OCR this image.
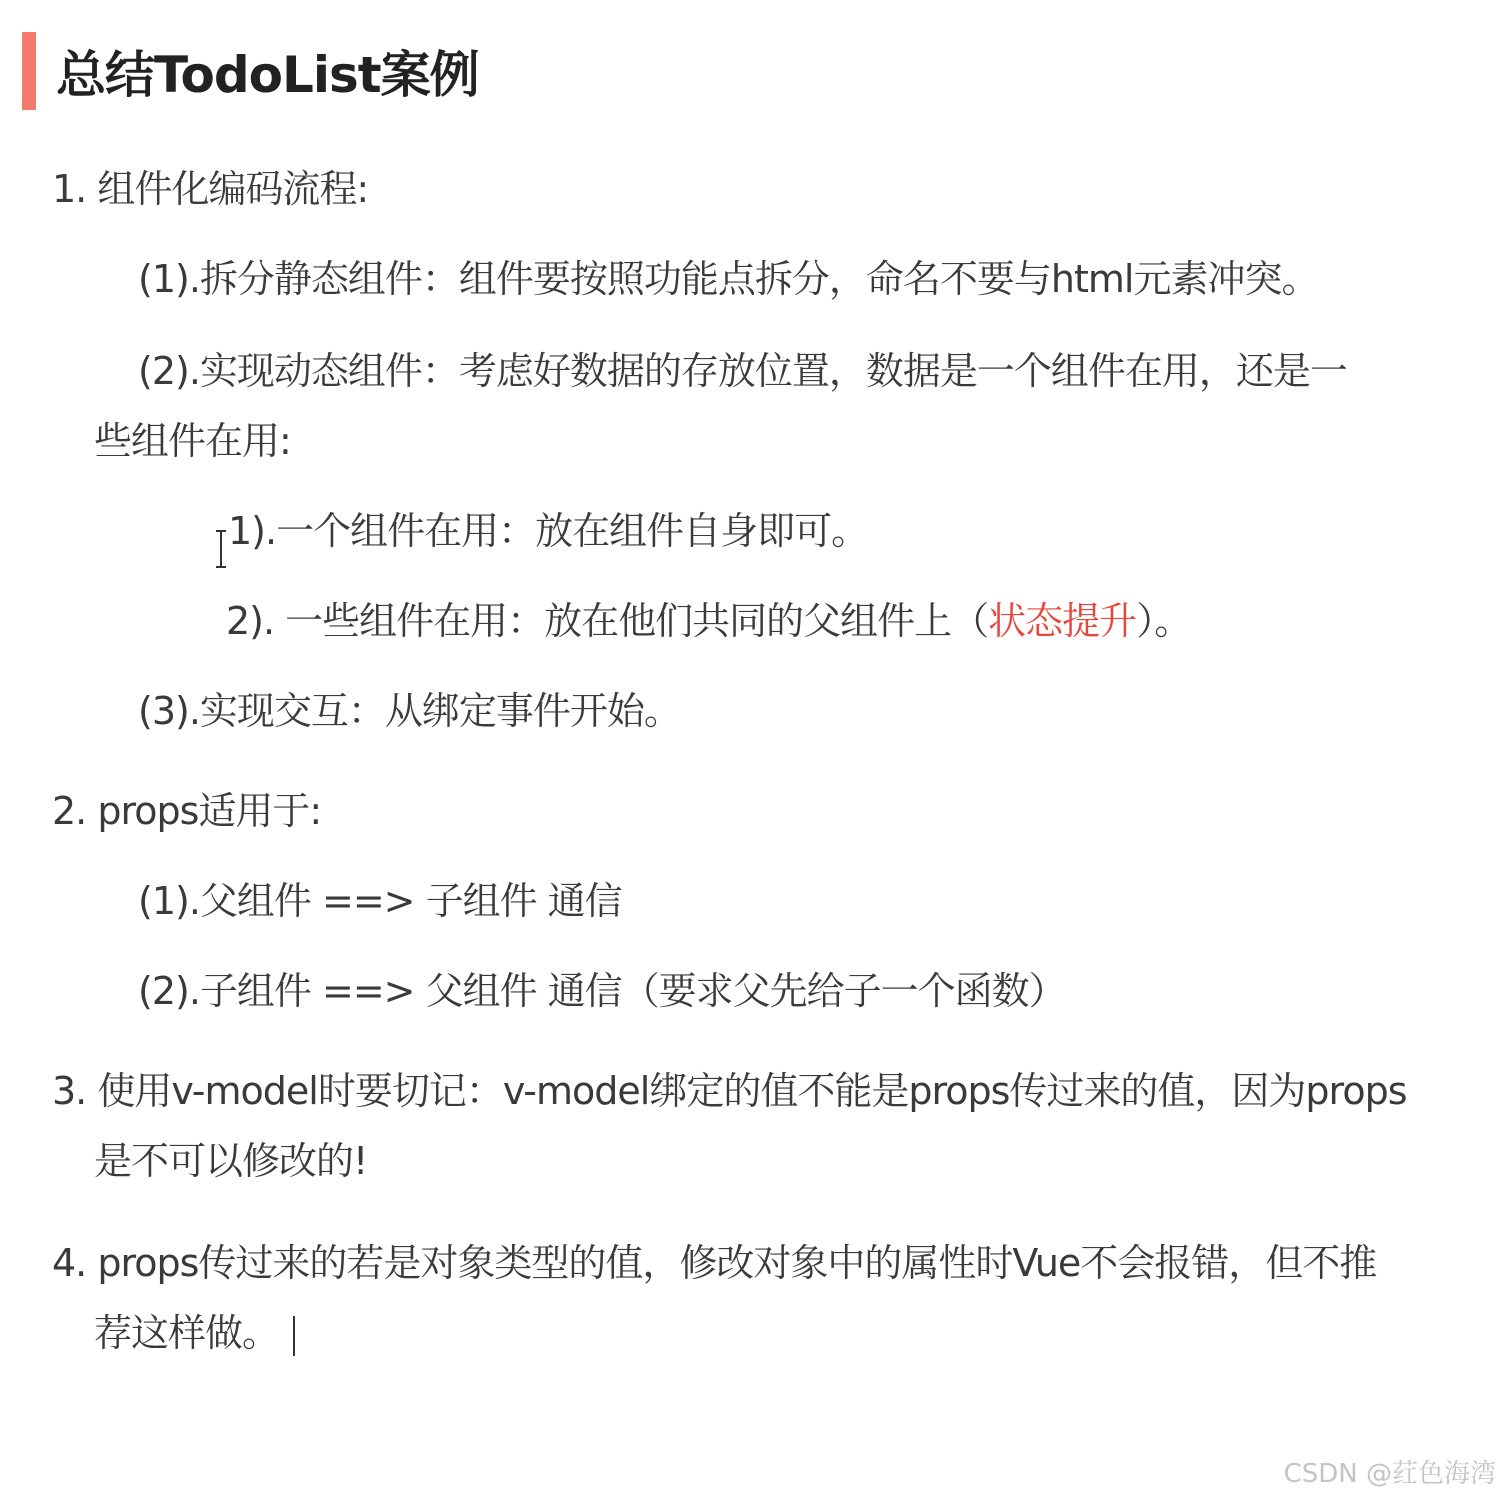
总结TodoList案例
1. 组件化编码流程:
(1).拆分静态组件：组件要按照功能点拆分，命名不要与html元素冲突。
(2).实现动态组件：考虑好数据的存放位置，数据是一个组件在用，还是一
些组件在用:
1).一个组件在用：放在组件自身即可。
2). 一些组件在用：放在他们共同的父组件上（状态提升）。
(3).实现交互：从绑定事件开始。
2. props适用于:
(1).父组件 ==> 子组件 通信
(2).子组件 ==> 父组件 通信（要求父先给子一个函数）
3. 使用v-model时要切记：v-model绑定的值不能是props传过来的值，因为props
是不可以修改的!
4. props传过来的若是对象类型的值，修改对象中的属性时Vue不会报错，但不推
荐这样做。
CSDN @荭色海湾
